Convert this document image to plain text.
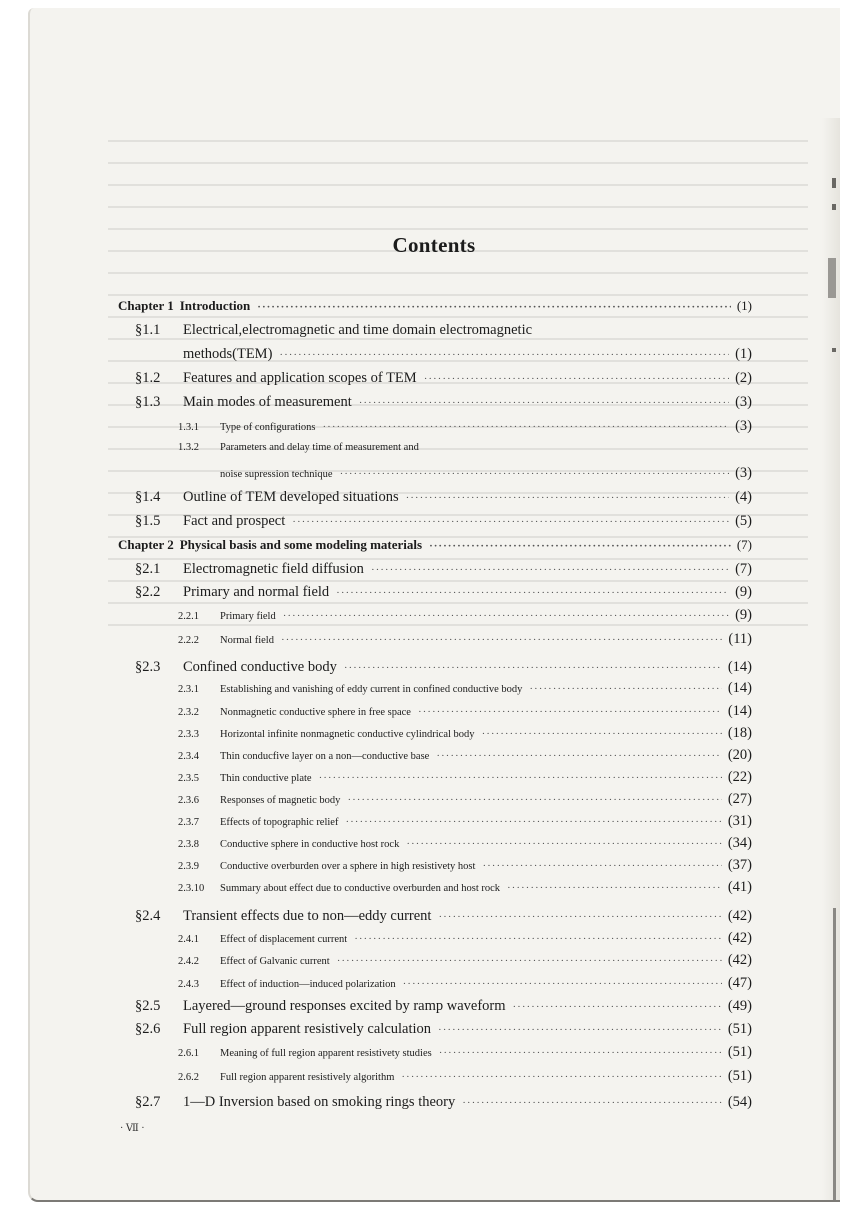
Contents
Chapter 1 Introduction ·····	(1)
§1.1	Electrical,electromagnetic and time domain electromagnetic
methods(TEM) ·····	(1)
§1.2	Features and application scopes of TEM ·····	(2)
§1.3	Main modes of measurement ·····	(3)
1.3.1	Type of configurations ·····	(3)
1.3.2	Parameters and delay time of measurement and
noise supression technique ·····	(3)
§1.4	Outline of TEM developed situations ·····	(4)
§1.5	Fact and prospect ·····	(5)
Chapter 2 Physical basis and some modeling materials ·····	(7)
§2.1	Electromagnetic field diffusion ·····	(7)
§2.2	Primary and normal field ·····	(9)
2.2.1	Primary field ·····	(9)
2.2.2	Normal field ·····	(11)
§2.3	Confined conductive body ·····	(14)
2.3.1	Establishing and vanishing of eddy current in confined conductive body ·····	(14)
2.3.2	Nonmagnetic conductive sphere in free space ·····	(14)
2.3.3	Horizontal infinite nonmagnetic conductive cylindrical body ·····	(18)
2.3.4	Thin conducfive layer on a non—conductive base ·····	(20)
2.3.5	Thin conductive plate ·····	(22)
2.3.6	Responses of magnetic body ·····	(27)
2.3.7	Effects of topographic relief ·····	(31)
2.3.8	Conductive sphere in conductive host rock ·····	(34)
2.3.9	Conductive overburden over a sphere in high resistivety host ·····	(37)
2.3.10	Summary about effect due to conductive overburden and host rock ·····	(41)
§2.4	Transient effects due to non—eddy current ·····	(42)
2.4.1	Effect of displacement current ·····	(42)
2.4.2	Effect of Galvanic current ·····	(42)
2.4.3	Effect of induction—induced polarization ·····	(47)
§2.5	Layered—ground responses excited by ramp waveform ·····	(49)
§2.6	Full region apparent resistively calculation ·····	(51)
2.6.1	Meaning of full region apparent resistivety studies ·····	(51)
2.6.2	Full region apparent resistively algorithm ·····	(51)
§2.7	1—D Inversion based on smoking rings theory ·····	(54)
· Ⅶ ·
